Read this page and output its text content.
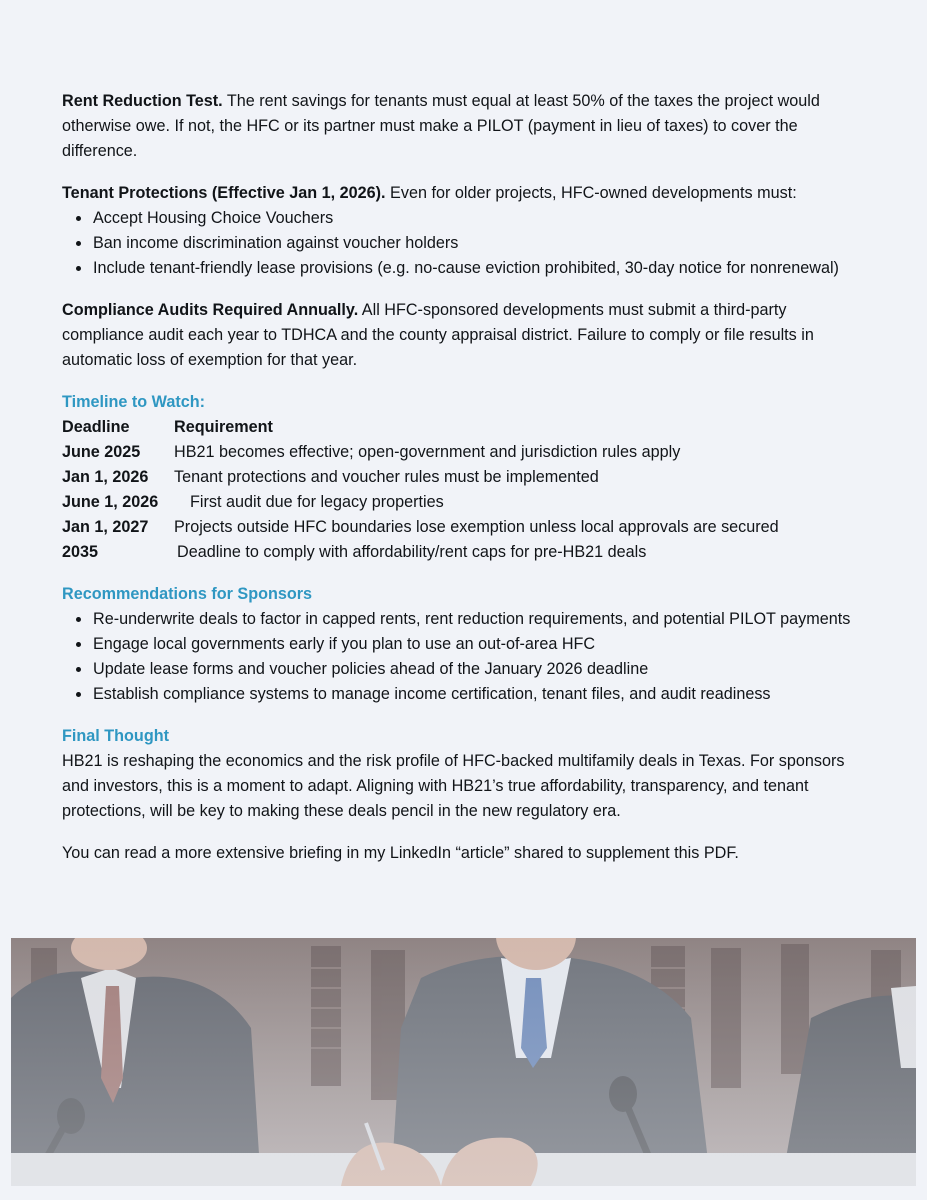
Rent Reduction Test. The rent savings for tenants must equal at least 50% of the taxes the project would otherwise owe. If not, the HFC or its partner must make a PILOT (payment in lieu of taxes) to cover the difference.

Tenant Protections (Effective Jan 1, 2026). Even for older projects, HFC-owned developments must:

Accept Housing Choice Vouchers
Ban income discrimination against voucher holders
Include tenant-friendly lease provisions (e.g. no-cause eviction prohibited, 30-day notice for nonrenewal)

Compliance Audits Required Annually. All HFC-sponsored developments must submit a third-party compliance audit each year to TDHCA and the county appraisal district. Failure to comply or file results in automatic loss of exemption for that year.

Timeline to Watch:

Deadline	Requirement
June 2025	HB21 becomes effective; open-government and jurisdiction rules apply
Jan 1, 2026	Tenant protections and voucher rules must be implemented
June 1, 2026	First audit due for legacy properties
Jan 1, 2027	Projects outside HFC boundaries lose exemption unless local approvals are secured
2035	Deadline to comply with affordability/rent caps for pre-HB21 deals

Recommendations for Sponsors

Re-underwrite deals to factor in capped rents, rent reduction requirements, and potential PILOT payments
Engage local governments early if you plan to use an out-of-area HFC
Update lease forms and voucher policies ahead of the January 2026 deadline
Establish compliance systems to manage income certification, tenant files, and audit readiness

Final Thought

HB21 is reshaping the economics and the risk profile of HFC-backed multifamily deals in Texas. For sponsors and investors, this is a moment to adapt. Aligning with HB21’s true affordability, transparency, and tenant protections, will be key to making these deals pencil in the new regulatory era.

You can read a more extensive briefing in my LinkedIn “article” shared to supplement this PDF.
